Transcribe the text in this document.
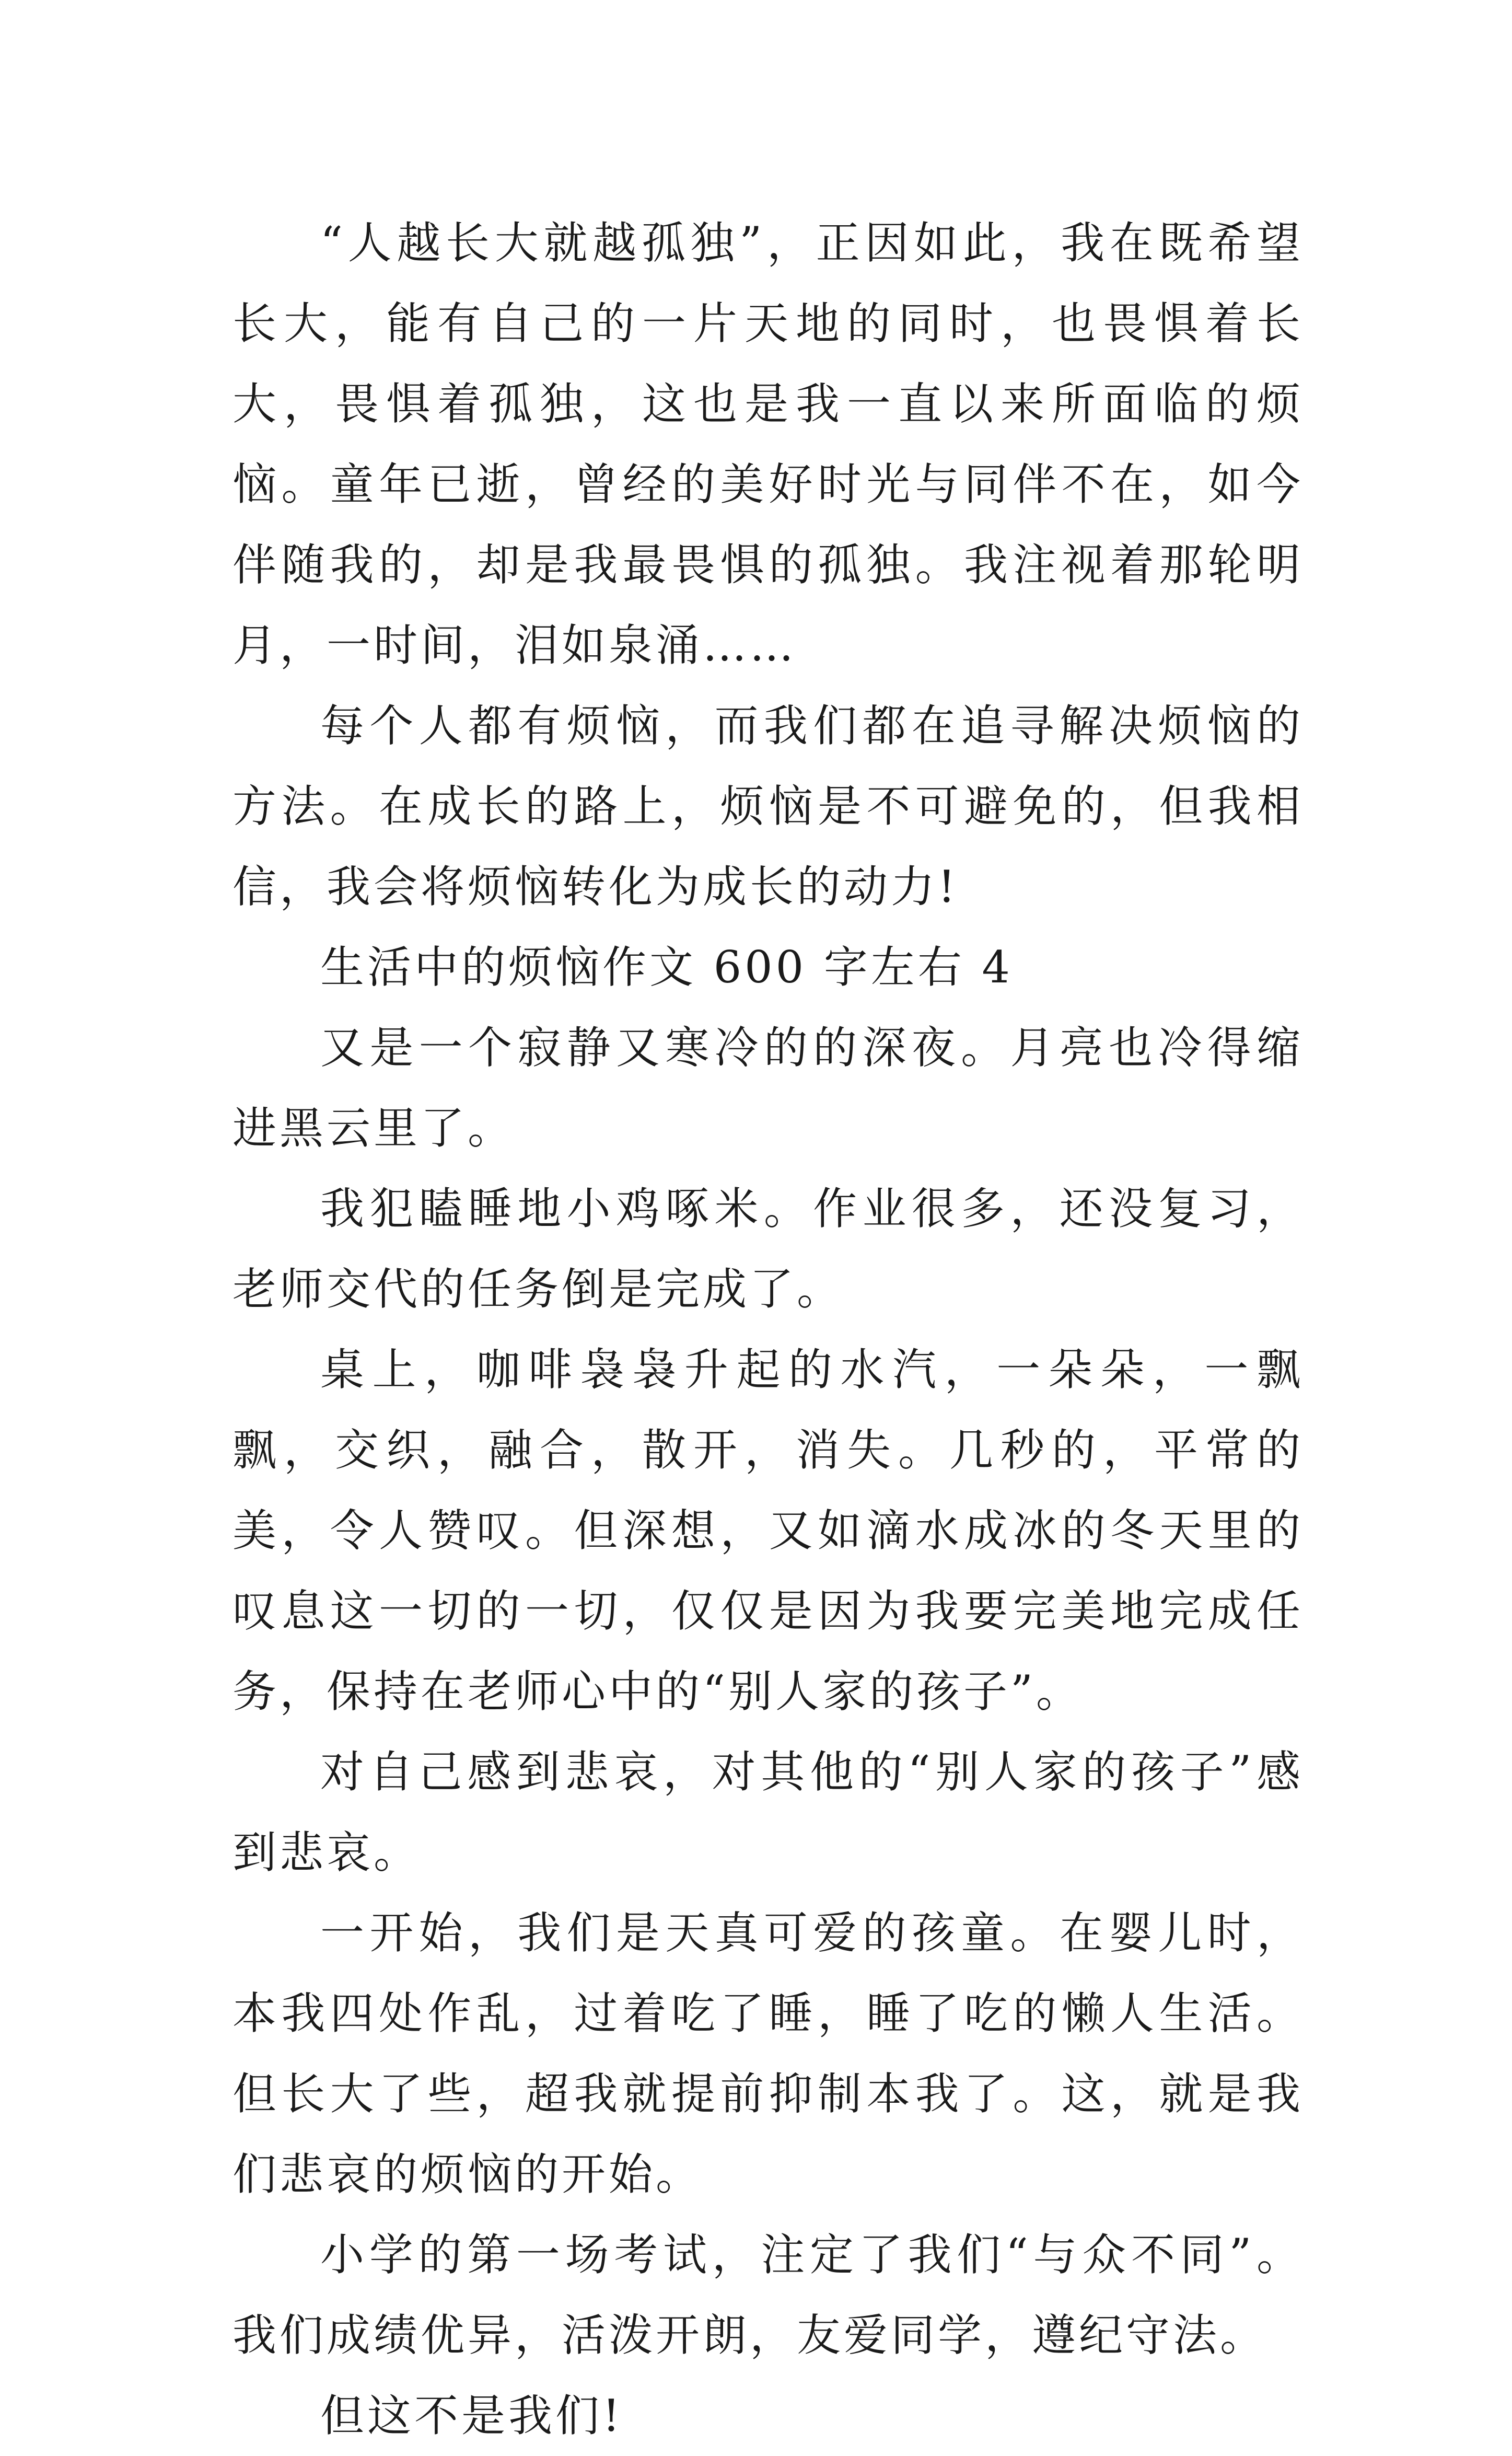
“人越长大就越孤独”，正因如此，我在既希望长大，能有自己的一片天地的同时，也畏惧着长大，畏惧着孤独，这也是我一直以来所面临的烦恼。童年已逝，曾经的美好时光与同伴不在，如今伴随我的，却是我最畏惧的孤独。我注视着那轮明月，一时间，泪如泉涌……

每个人都有烦恼，而我们都在追寻解决烦恼的方法。在成长的路上，烦恼是不可避免的，但我相信，我会将烦恼转化为成长的动力!

生活中的烦恼作文 600 字左右 4

又是一个寂静又寒冷的的深夜。月亮也冷得缩进黑云里了。

我犯瞌睡地小鸡啄米。作业很多，还没复习，老师交代的任务倒是完成了。

桌上，咖啡袅袅升起的水汽，一朵朵，一飘飘，交织，融合，散开，消失。几秒的，平常的美，令人赞叹。但深想，又如滴水成冰的冬天里的叹息这一切的一切，仅仅是因为我要完美地完成任务，保持在老师心中的“别人家的孩子”。

对自己感到悲哀，对其他的“别人家的孩子”感到悲哀。

一开始，我们是天真可爱的孩童。在婴儿时，本我四处作乱，过着吃了睡，睡了吃的懒人生活。但长大了些，超我就提前抑制本我了。这，就是我们悲哀的烦恼的开始。

小学的第一场考试，注定了我们“与众不同”。我们成绩优异，活泼开朗，友爱同学，遵纪守法。

但这不是我们!
